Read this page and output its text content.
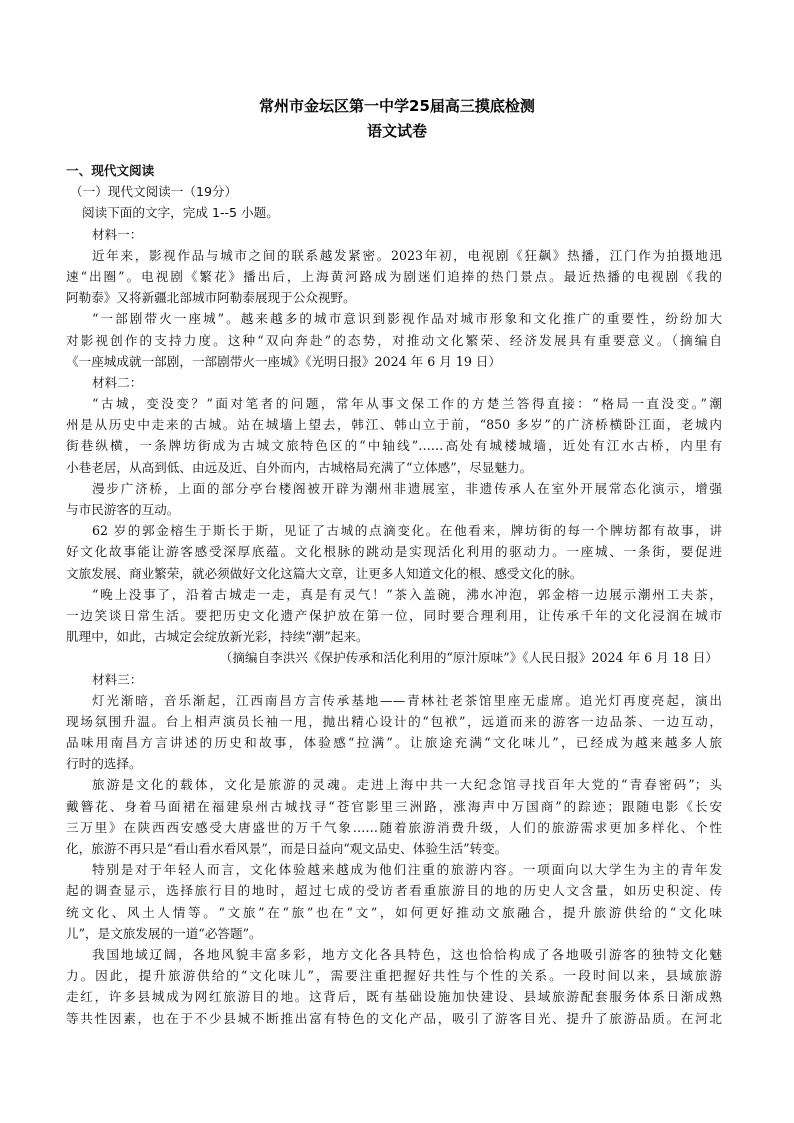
常州市金坛区第一中学25届高三摸底检测
语文试卷
一、现代文阅读
（一）现代文阅读一（19分）
阅读下面的文字，完成 1--5 小题。
材料一：
近年来，影视作品与城市之间的联系越发紧密。2023年初，电视剧《狂飙》热播，江门作为拍摄地迅
速“出圈”。电视剧《繁花》播出后，上海黄河路成为剧迷们追捧的热门景点。最近热播的电视剧《我的
阿勒泰》又将新疆北部城市阿勒泰展现于公众视野。
“一部剧带火一座城”。越来越多的城市意识到影视作品对城市形象和文化推广的重要性，纷纷加大
对影视创作的支持力度。这种“双向奔赴”的态势，对推动文化繁荣、经济发展具有重要意义。（摘编自
《一座城成就一部剧，一部剧带火一座城》《光明日报》2024 年 6 月 19 日）
材料二：
“古城，变没变？”面对笔者的问题，常年从事文保工作的方楚兰答得直接：“格局一直没变。”潮
州是从历史中走来的古城。站在城墙上望去，韩江、韩山立于前，“850 多岁”的广济桥横卧江面，老城内
街巷纵横，一条牌坊街成为古城文旅特色区的“中轴线”……高处有城楼城墙，近处有江水古桥，内里有
小巷老居，从高到低、由远及近、自外而内，古城格局充满了“立体感”，尽显魅力。
漫步广济桥，上面的部分亭台楼阁被开辟为潮州非遗展室，非遗传承人在室外开展常态化演示，增强
与市民游客的互动。
62 岁的郭金榕生于斯长于斯，见证了古城的点滴变化。在他看来，牌坊街的每一个牌坊都有故事，讲
好文化故事能让游客感受深厚底蕴。文化根脉的跳动是实现活化利用的驱动力。一座城、一条街，要促进
文旅发展、商业繁荣，就必须做好文化这篇大文章，让更多人知道文化的根、感受文化的脉。
“晚上没事了，沿着古城走一走，真是有灵气！”茶入盖碗，沸水冲泡，郭金榕一边展示潮州工夫茶，
一边笑谈日常生活。要把历史文化遗产保护放在第一位，同时要合理利用，让传承千年的文化浸润在城市
肌理中，如此，古城定会绽放新光彩，持续“潮”起来。
（摘编自李洪兴《保护传承和活化利用的“原汁原味”》《人民日报》2024 年 6 月 18 日）
材料三：
灯光渐暗，音乐渐起，江西南昌方言传承基地——青林社老茶馆里座无虚席。追光灯再度亮起，演出
现场氛围升温。台上相声演员长袖一甩，抛出精心设计的“包袱”，远道而来的游客一边品茶、一边互动，
品味用南昌方言讲述的历史和故事，体验感“拉满”。让旅途充满“文化味儿”，已经成为越来越多人旅
行时的选择。
旅游是文化的载体，文化是旅游的灵魂。走进上海中共一大纪念馆寻找百年大党的“青春密码”；头
戴簪花、身着马面裙在福建泉州古城找寻“苍官影里三洲路，涨海声中万国商”的踪迹；跟随电影《长安
三万里》在陕西西安感受大唐盛世的万千气象……随着旅游消费升级，人们的旅游需求更加多样化、个性
化，旅游不再只是“看山看水看风景”，而是日益向“观文品史、体验生活”转变。
特别是对于年轻人而言，文化体验越来越成为他们注重的旅游内容。一项面向以大学生为主的青年发
起的调查显示，选择旅行目的地时，超过七成的受访者看重旅游目的地的历史人文含量，如历史积淀、传
统文化、风土人情等。“文旅”在“旅”也在“文”，如何更好推动文旅融合，提升旅游供给的“文化味
儿”，是文旅发展的一道“必答题”。
我国地域辽阔，各地风貌丰富多彩，地方文化各具特色，这也恰恰构成了各地吸引游客的独特文化魅
力。因此，提升旅游供给的“文化味儿”，需要注重把握好共性与个性的关系。一段时间以来，县域旅游
走红，许多县城成为网红旅游目的地。这背后，既有基础设施加快建设、县域旅游配套服务体系日渐成熟
等共性因素，也在于不少县城不断推出富有特色的文化产品，吸引了游客目光、提升了旅游品质。在河北
